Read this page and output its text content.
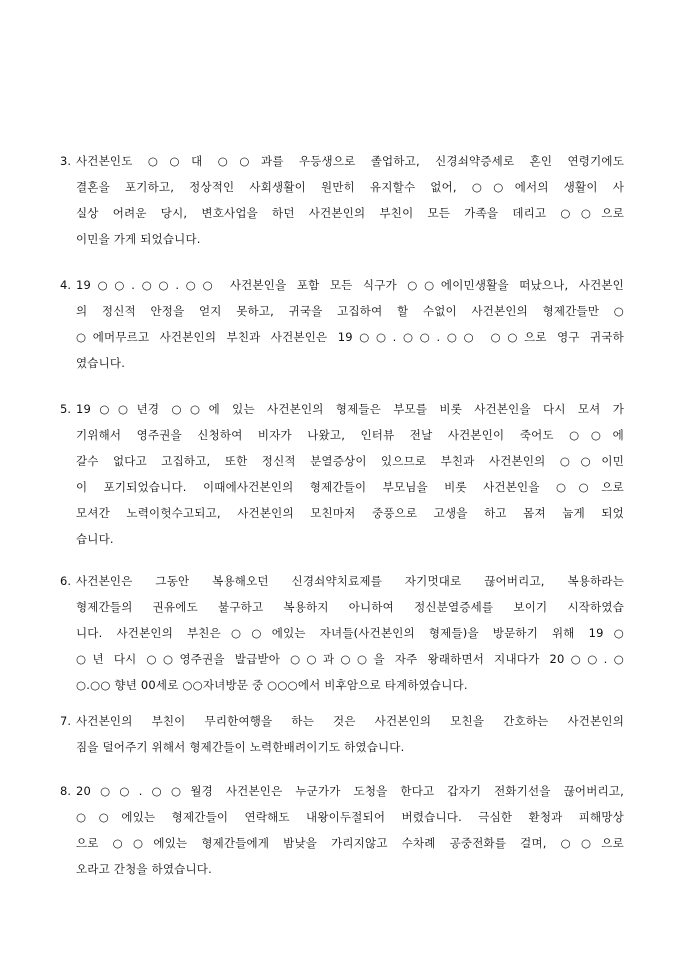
3. 사건본인도 ○○대 ○○과를 우등생으로 졸업하고, 신경쇠약증세로 혼인 연령기에도
결혼을 포기하고, 정상적인 사회생활이 원만히 유지할수 없어, ○○에서의 생활이 사
실상 어려운 당시, 변호사업을 하던 사건본인의 부친이 모든 가족을 데리고 ○○으로
이민을 가게 되었습니다.
4. 19○○.○○.○○ 사건본인을 포함 모든 식구가 ○○에이민생활을 떠났으나, 사건본인
의 정신적 안정을 얻지 못하고, 귀국을 고집하여 할 수없이 사건본인의 형제간들만 ○
○에머무르고 사건본인의 부친과 사건본인은 19○○.○○.○○ ○○으로 영구 귀국하
였습니다.
5. 19○○년경 ○○에 있는 사건본인의 형제들은 부모를 비롯 사건본인을 다시 모셔 가
기위해서 영주권을 신청하여 비자가 나왔고, 인터뷰 전날 사건본인이 죽어도 ○○에
갈수 없다고 고집하고, 또한 정신적 분열증상이 있으므로 부친과 사건본인의 ○○이민
이 포기되었습니다. 이때에사건본인의 형제간들이 부모님을 비롯 사건본인을 ○○으로
모셔간 노력이헛수고되고, 사건본인의 모친마저 중풍으로 고생을 하고 몸져 눕게 되었
습니다.
6. 사건본인은 그동안 복용해오던 신경쇠약치료제를 자기멋대로 끊어버리고, 복용하라는
형제간들의 권유에도 불구하고 복용하지 아니하여 정신분열증세를 보이기 시작하였습
니다. 사건본인의 부친은○○에있는 자녀들(사건본인의 형제들)을 방문하기 위해 19○
○년 다시 ○○영주권을 발급받아 ○○과○○을 자주 왕래하면서 지내다가 20○○.○
○.○○ 향년 00세로 ○○자녀방문 중 ○○○에서 비후암으로 타계하였습니다.
7. 사건본인의 부친이 무리한여행을 하는 것은 사건본인의 모친을 간호하는 사건본인의
짐을 덜어주기 위해서 형제간들이 노력한배려이기도 하였습니다.
8. 20○○.○○월경 사건본인은 누군가가 도청을 한다고 갑자기 전화기선을 끊어버리고,
○○에있는 형제간들이 연락해도 내왕이두절되어 버렸습니다. 극심한 환청과 피해망상
으로 ○○에있는 형제간들에게 밤낮을 가리지않고 수차례 공중전화를 걸며, ○○으로
오라고 간청을 하였습니다.
